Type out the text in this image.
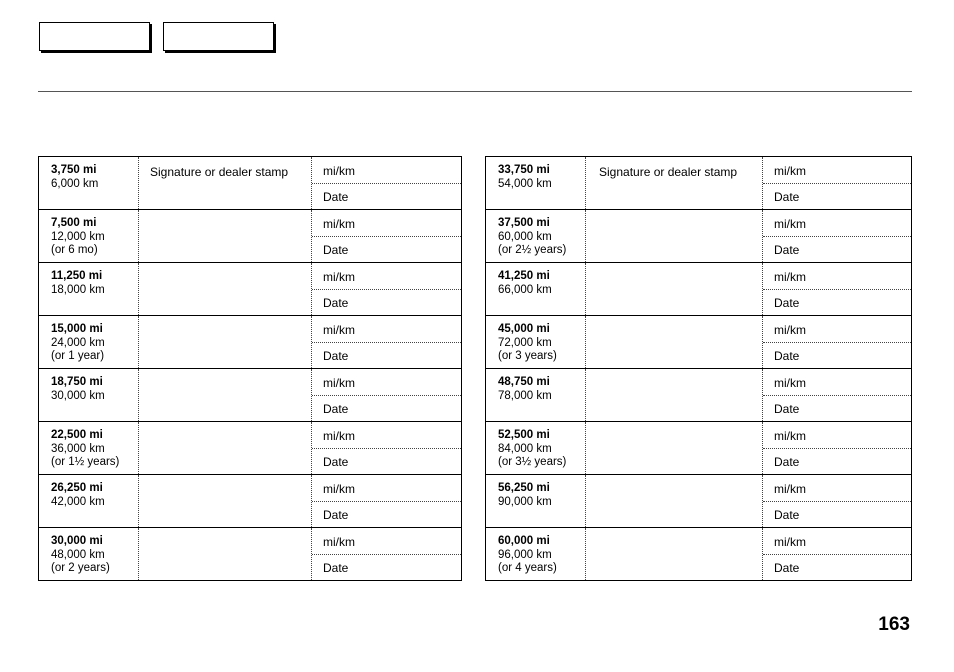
3,750 mi
6,000 km
Signature or dealer stamp	mi/km
Date
7,500 mi
12,000 km
(or 6 mo)
mi/km
Date
11,250 mi
18,000 km
mi/km
Date
15,000 mi
24,000 km
(or 1 year)
mi/km
Date
18,750 mi
30,000 km
mi/km
Date
22,500 mi
36,000 km
(or 1½ years)
mi/km
Date
26,250 mi
42,000 km
mi/km
Date
30,000 mi
48,000 km
(or 2 years)
mi/km
Date
33,750 mi
54,000 km
Signature or dealer stamp	mi/km
Date
37,500 mi
60,000 km
(or 2½ years)
mi/km
Date
41,250 mi
66,000 km
mi/km
Date
45,000 mi
72,000 km
(or 3 years)
mi/km
Date
48,750 mi
78,000 km
mi/km
Date
52,500 mi
84,000 km
(or 3½ years)
mi/km
Date
56,250 mi
90,000 km
mi/km
Date
60,000 mi
96,000 km
(or 4 years)
mi/km
Date
163
